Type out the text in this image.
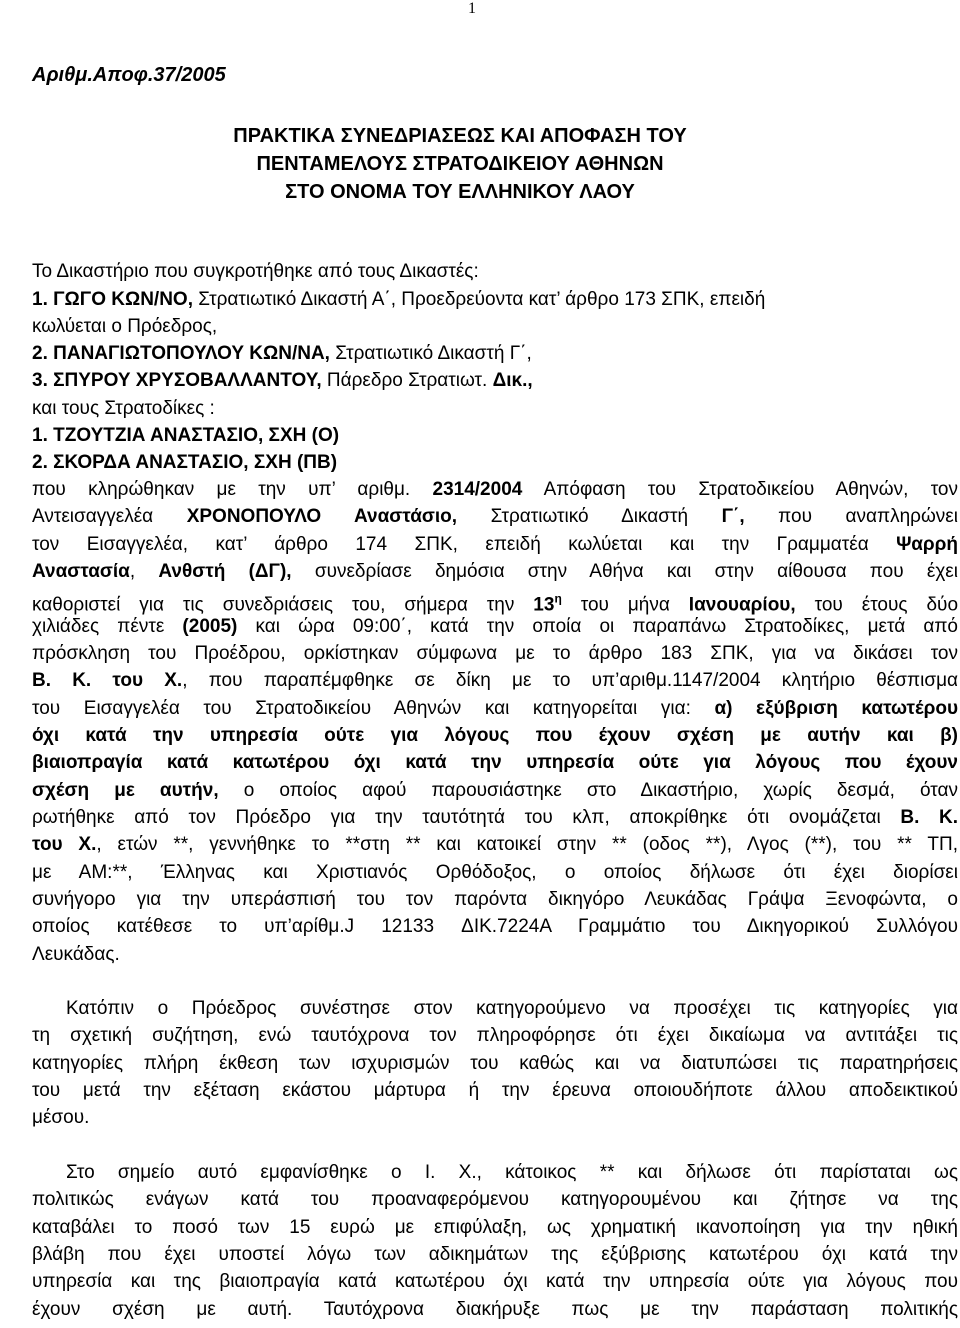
1
Αριθμ.Αποφ.37/2005
ΠΡΑΚΤΙΚΑ ΣΥΝΕΔΡΙΑΣΕΩΣ ΚΑΙ ΑΠΟΦΑΣΗ ΤΟΥ
ΠΕΝΤΑΜΕΛΟΥΣ ΣΤΡΑΤΟΔΙΚΕΙΟΥ ΑΘΗΝΩΝ
ΣΤΟ ΟΝΟΜΑ ΤΟΥ ΕΛΛΗΝΙΚΟΥ ΛΑΟΥ
Το Δικαστήριο που συγκροτήθηκε από τους Δικαστές:
1. ΓΩΓΟ ΚΩΝ/ΝΟ, Στρατιωτικό Δικαστή Α΄, Προεδρεύοντα κατ’ άρθρο 173 ΣΠΚ, επειδή
κωλύεται ο Πρόεδρος,
2. ΠΑΝΑΓΙΩΤΟΠΟΥΛΟΥ ΚΩΝ/ΝΑ, Στρατιωτικό Δικαστή Γ΄,
3. ΣΠΥΡΟΥ ΧΡΥΣΟΒΑΛΛΑΝΤΟΥ, Πάρεδρο Στρατιωτ. Δικ.,
και τους Στρατοδίκες :
1. ΤΖΟΥΤΖΙΑ ΑΝΑΣΤΑΣΙΟ, ΣΧΗ (Ο)
2. ΣΚΟΡΔΑ ΑΝΑΣΤΑΣΙΟ, ΣΧΗ (ΠΒ)
που κληρώθηκαν με την υπ’ αριθμ. 2314/2004 Απόφαση του Στρατοδικείου Αθηνών, τον
Αντεισαγγελέα ΧΡΟΝΟΠΟΥΛΟ Αναστάσιο, Στρατιωτικό Δικαστή Γ΄, που αναπληρώνει
τον Εισαγγελέα, κατ’ άρθρο 174 ΣΠΚ, επειδή κωλύεται και την Γραμματέα Ψαρρή
Αναστασία, Ανθστή (ΔΓ), συνεδρίασε δημόσια στην Αθήνα και στην αίθουσα που έχει
καθοριστεί για τις συνεδριάσεις του, σήμερα την $13^\eta$ του μήνα Ιανουαρίου, του έτους δύο
χιλιάδες πέντε (2005) και ώρα 09:00΄, κατά την οποία οι παραπάνω Στρατοδίκες, μετά από
πρόσκληση του Προέδρου, ορκίστηκαν σύμφωνα με το άρθρο 183 ΣΠΚ, για να δικάσει τον
Β. Κ. του Χ., που παραπέμφθηκε σε δίκη με το υπ’αριθμ.1147/2004 κλητήριο θέσπισμα
του Εισαγγελέα του Στρατοδικείου Αθηνών και κατηγορείται για: α) εξύβριση κατωτέρου
όχι κατά την υπηρεσία ούτε για λόγους που έχουν σχέση με αυτήν και β)
βιαιοπραγία κατά κατωτέρου όχι κατά την υπηρεσία ούτε για λόγους που έχουν
σχέση με αυτήν, ο οποίος αφού παρουσιάστηκε στο Δικαστήριο, χωρίς δεσμά, όταν
ρωτήθηκε από τον Πρόεδρο για την ταυτότητά του κλπ, αποκρίθηκε ότι ονομάζεται Β. Κ.
του Χ., ετών **, γεννήθηκε το **στη ** και κατοικεί στην ** (οδος **), Λγος (**), του ** ΤΠ,
με ΑΜ:**, Έλληνας και Χριστιανός Ορθόδοξος, ο οποίος δήλωσε ότι έχει διορίσει
συνήγορο για την υπεράσπισή του τον παρόντα δικηγόρο Λευκάδας Γράψα Ξενοφώντα, ο
οποίος κατέθεσε το υπ’αρίθμ.J 12133 ΔΙΚ.7224Α Γραμμάτιο του Δικηγορικού Συλλόγου
Λευκάδας.
Κατόπιν ο Πρόεδρος συνέστησε στον κατηγορούμενο να προσέχει τις κατηγορίες για
τη σχετική συζήτηση, ενώ ταυτόχρονα τον πληροφόρησε ότι έχει δικαίωμα να αντιτάξει τις
κατηγορίες πλήρη έκθεση των ισχυρισμών του καθώς και να διατυπώσει τις παρατηρήσεις
του μετά την εξέταση εκάστου μάρτυρα ή την έρευνα οποιουδήποτε άλλου αποδεικτικού
μέσου.
Στο σημείο αυτό εμφανίσθηκε ο Ι. Χ., κάτοικος ** και δήλωσε ότι παρίσταται ως
πολιτικώς ενάγων κατά του προαναφερόμενου κατηγορουμένου και ζήτησε να της
καταβάλει το ποσό των 15 ευρώ με επιφύλαξη, ως χρηματική ικανοποίηση για την ηθική
βλάβη που έχει υποστεί λόγω των αδικημάτων της εξύβρισης κατωτέρου όχι κατά την
υπηρεσία και της βιαιοπραγία κατά κατωτέρου όχι κατά την υπηρεσία ούτε για λόγους που
έχουν σχέση με αυτή. Ταυτόχρονα διακήρυξε πως με την παράσταση πολιτικής
